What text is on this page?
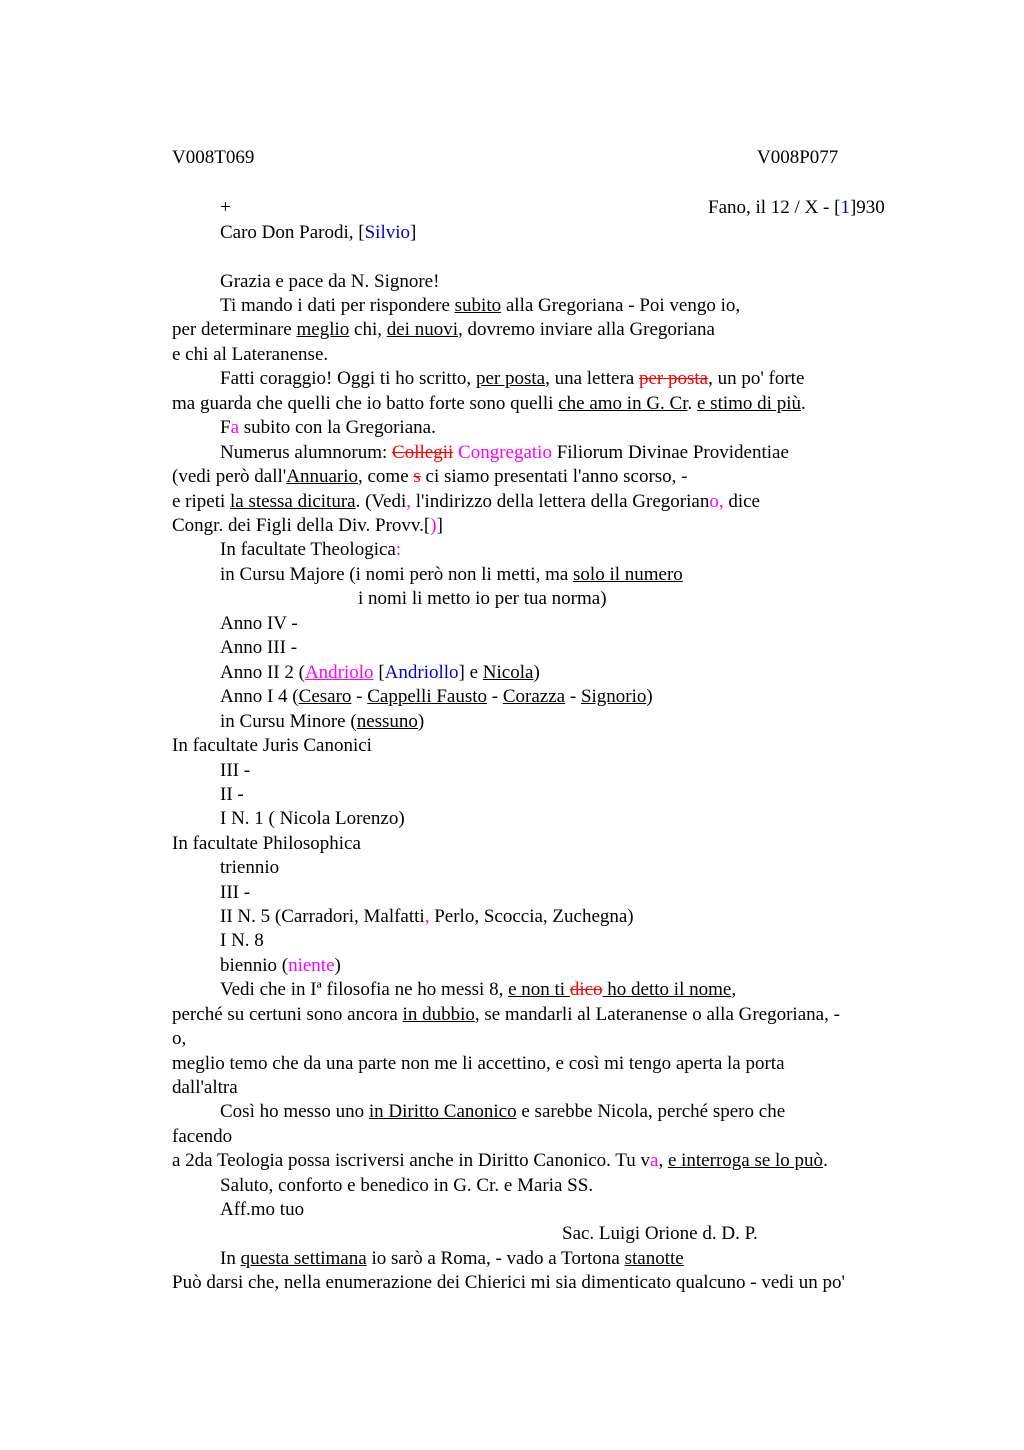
V008T069	V008P077
+	Fano, il 12 / X - [1]930
Caro Don Parodi, [Silvio]
Grazia e pace da N. Signore!
Ti mando i dati per rispondere subito alla Gregoriana - Poi vengo io,
per determinare meglio chi, dei nuovi, dovremo inviare alla Gregoriana
e chi al Lateranense.
Fatti coraggio! Oggi ti ho scritto, per posta, una lettera per posta, un po' forte
ma guarda che quelli che io batto forte sono quelli che amo in G. Cr. e stimo di più.
Fa subito con la Gregoriana.
Numerus alumnorum: Collegii Congregatio Filiorum Divinae Providentiae
(vedi però dall'Annuario, come s ci siamo presentati l'anno scorso, -
e ripeti la stessa dicitura. (Vedi, l'indirizzo della lettera della Gregoriano, dice
Congr. dei Figli della Div. Provv.[)]
In facultate Theologica:
in Cursu Majore (i nomi però non li metti, ma solo il numero
i nomi li metto io per tua norma)
Anno IV -
Anno III -
Anno II 2 (Andriolo [Andriollo] e Nicola)
Anno I 4 (Cesaro - Cappelli Fausto - Corazza - Signorio)
in Cursu Minore (nessuno)
In facultate Juris Canonici
III -
II -
I N. 1 ( Nicola Lorenzo)
In facultate Philosophica
triennio
III -
II N. 5 (Carradori, Malfatti, Perlo, Scoccia, Zuchegna)
I N. 8
biennio (niente)
Vedi che in Iª filosofia ne ho messi 8, e non ti dico ho detto il nome,
perché su certuni sono ancora in dubbio, se mandarli al Lateranense o alla Gregoriana, -
o,
meglio temo che da una parte non me li accettino, e così mi tengo aperta la porta
dall'altra
Così ho messo uno in Diritto Canonico e sarebbe Nicola, perché spero che
facendo
a 2da Teologia possa iscriversi anche in Diritto Canonico. Tu va, e interroga se lo può.
Saluto, conforto e benedico in G. Cr. e Maria SS.
Aff.mo tuo
Sac. Luigi Orione d. D. P.
In questa settimana io sarò a Roma, - vado a Tortona stanotte
Può darsi che, nella enumerazione dei Chierici mi sia dimenticato qualcuno - vedi un po'
